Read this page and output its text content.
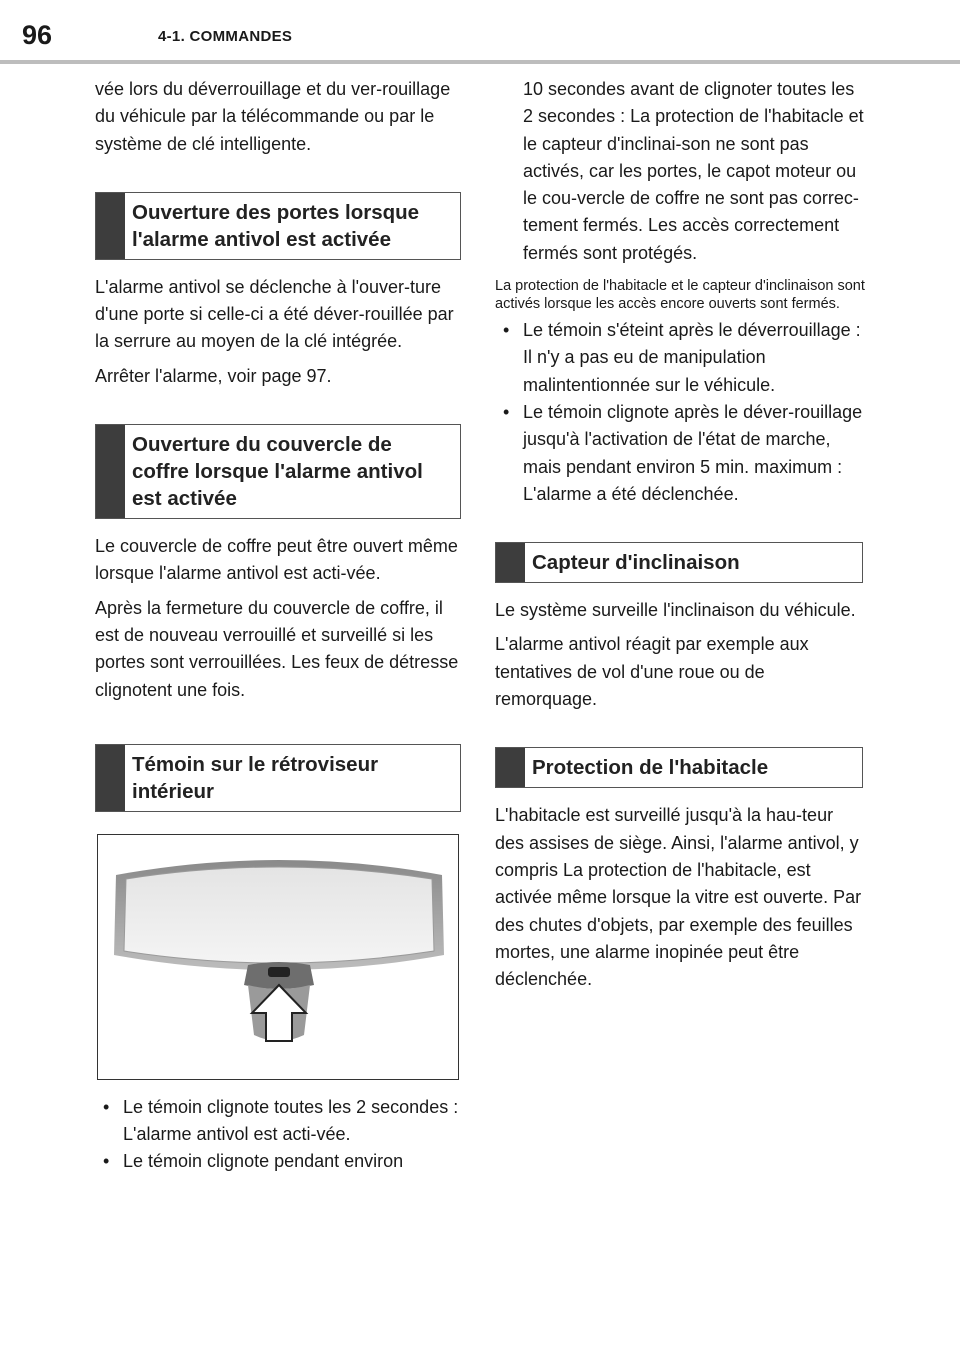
96	4-1. COMMANDES

vée lors du déverrouillage et du ver-rouillage du véhicule par la télécommande ou par le système de clé intelligente.

Ouverture des portes lorsque l'alarme antivol est activée

L'alarme antivol se déclenche à l'ouver-ture d'une porte si celle-ci a été déver-rouillée par la serrure au moyen de la clé intégrée.

Arrêter l'alarme, voir page 97.

Ouverture du couvercle de coffre lorsque l'alarme antivol est activée

Le couvercle de coffre peut être ouvert même lorsque l'alarme antivol est acti-vée.

Après la fermeture du couvercle de coffre, il est de nouveau verrouillé et surveillé si les portes sont verrouillées. Les feux de détresse clignotent une fois.

Témoin sur le rétroviseur intérieur
• Le témoin clignote toutes les 2 secondes : L'alarme antivol est acti-vée.
• Le témoin clignote pendant environ

10 secondes avant de clignoter toutes les 2 secondes : La protection de l'habitacle et le capteur d'inclinai-son ne sont pas activés, car les portes, le capot moteur ou le cou-vercle de coffre ne sont pas correc-tement fermés. Les accès correctement fermés sont protégés.

La protection de l'habitacle et le capteur d'inclinaison sont activés lorsque les accès encore ouverts sont fermés.

• Le témoin s'éteint après le déverrouillage : Il n'y a pas eu de manipulation malintentionnée sur le véhicule.
• Le témoin clignote après le déver-rouillage jusqu'à l'activation de l'état de marche, mais pendant environ 5 min. maximum : L'alarme a été déclenchée.
Capteur d'inclinaison

Le système surveille l'inclinaison du véhicule.

L'alarme antivol réagit par exemple aux tentatives de vol d'une roue ou de remorquage.

Protection de l'habitacle

L'habitacle est surveillé jusqu'à la hau-teur des assises de siège. Ainsi, l'alarme antivol, y compris La protection de l'habitacle, est activée même lorsque la vitre est ouverte. Par des chutes d'objets, par exemple des feuilles mortes, une alarme inopinée peut être déclenchée.
